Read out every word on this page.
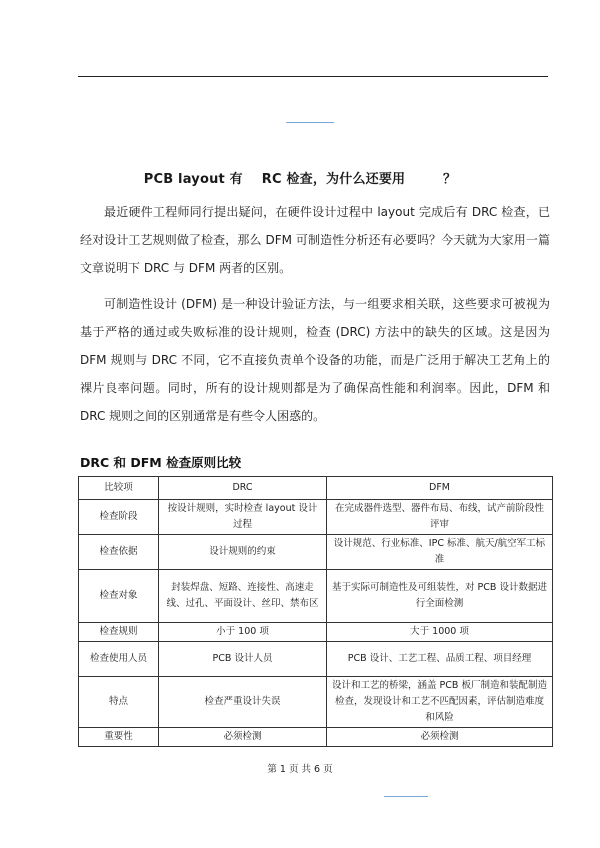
PCB layout 有    RC 检查，为什么还要用        ？

最近硬件工程师同行提出疑问，在硬件设计过程中 layout 完成后有 DRC 检查，已经对设计工艺规则做了检查，那么 DFM 可制造性分析还有必要吗？今天就为大家用一篇文章说明下 DRC 与 DFM 两者的区别。

可制造性设计 (DFM) 是一种设计验证方法，与一组要求相关联，这些要求可被视为基于严格的通过或失败标准的设计规则，检查 (DRC) 方法中的缺失的区域。这是因为 DFM 规则与 DRC 不同，它不直接负责单个设备的功能，而是广泛用于解决工艺角上的裸片良率问题。同时，所有的设计规则都是为了确保高性能和利润率。因此，DFM 和 DRC 规则之间的区别通常是有些令人困惑的。

DRC 和 DFM 检查原则比较
比较项	DRC	DFM
检查阶段	按设计规则，实时检查 layout 设计过程	在完成器件选型、器件布局、布线，试产前阶段性评审
检查依据	设计规则的约束	设计规范、行业标准、IPC 标准、航天/航空军工标准
检查对象	封装焊盘、短路、连接性、高速走线、过孔、平面设计、丝印、禁布区	基于实际可制造性及可组装性，对 PCB 设计数据进行全面检测
检查规则	小于 100 项	大于 1000 项
检查使用人员	PCB 设计人员	PCB 设计、工艺工程、品质工程、项目经理
特点	检查严重设计失误	设计和工艺的桥梁，涵盖 PCB 板厂制造和装配制造检查，发现设计和工艺不匹配因素，评估制造难度和风险
重要性	必须检测	必须检测
第 1 页 共 6 页
